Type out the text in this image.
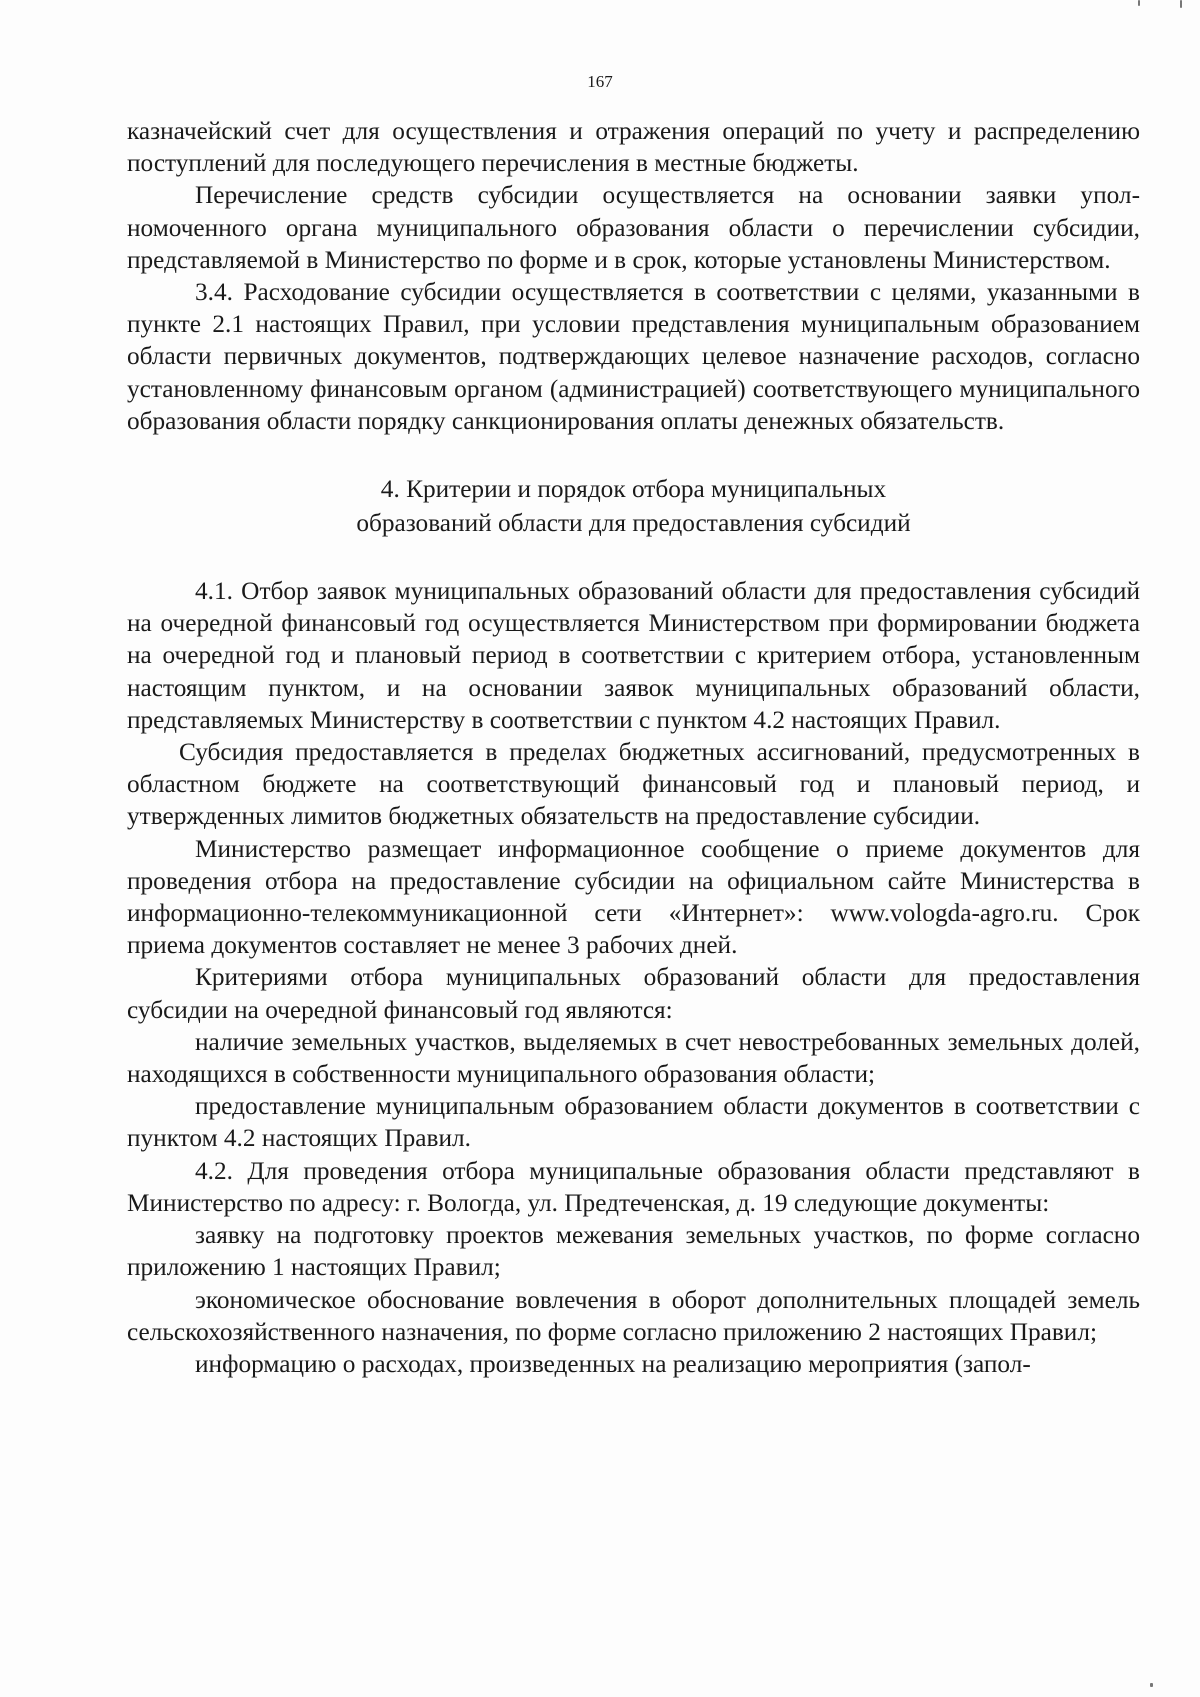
167

казначейский счет для осуществления и отражения операций по учету и распределению поступлений для последующего перечисления в местные бюджеты.

Перечисление средств субсидии осуществляется на основании заявки уполномоченного органа муниципального образования области о перечислении субсидии, представляемой в Министерство по форме и в срок, которые установлены Министерством.

3.4. Расходование субсидии осуществляется в соответствии с целями, указанными в пункте 2.1 настоящих Правил, при условии представления муниципальным образованием области первичных документов, подтверждающих целевое назначение расходов, согласно установленному финансовым органом (администрацией) соответствующего муниципального образования области порядку санкционирования оплаты денежных обязательств.

4. Критерии и порядок отбора муниципальных

образований области для предоставления субсидий

4.1. Отбор заявок муниципальных образований области для предоставления субсидий на очередной финансовый год осуществляется Министерством при формировании бюджета на очередной год и плановый период в соответствии с критерием отбора, установленным настоящим пунктом, и на основании заявок муниципальных образований области, представляемых Министерству в соответствии с пунктом 4.2 настоящих Правил.

Субсидия предоставляется в пределах бюджетных ассигнований, предусмотренных в областном бюджете на соответствующий финансовый год и плановый период, и утвержденных лимитов бюджетных обязательств на предоставление субсидии.

Министерство размещает информационное сообщение о приеме документов для проведения отбора на предоставление субсидии на официальном сайте Министерства в информационно-телекоммуникационной сети «Интернет»: www.vologda-agro.ru. Срок приема документов составляет не менее 3 рабочих дней.

Критериями отбора муниципальных образований области для предоставления субсидии на очередной финансовый год являются:

наличие земельных участков, выделяемых в счет невостребованных земельных долей, находящихся в собственности муниципального образования области;

предоставление муниципальным образованием области документов в соответствии с пунктом 4.2 настоящих Правил.

4.2. Для проведения отбора муниципальные образования области представляют в Министерство по адресу: г. Вологда, ул. Предтеченская, д. 19 следующие документы:

заявку на подготовку проектов межевания земельных участков, по форме согласно приложению 1 настоящих Правил;

экономическое обоснование вовлечения в оборот дополнительных площадей земель сельскохозяйственного назначения, по форме согласно приложению 2 настоящих Правил;

информацию о расходах, произведенных на реализацию мероприятия (запол-
